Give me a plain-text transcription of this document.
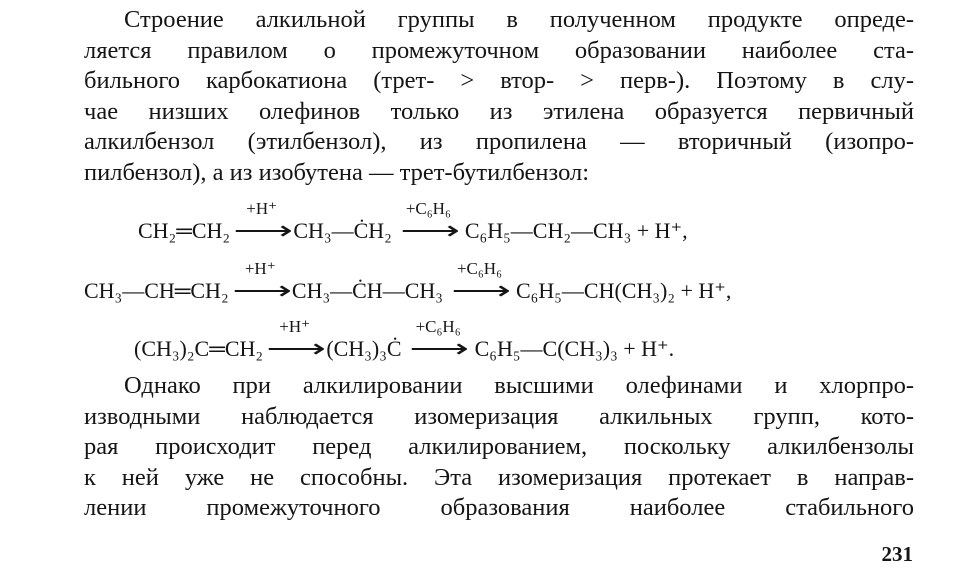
Строение алкильной группы в полученном продукте опреде-
ляется правилом о промежуточном образовании наиболее ста-
бильного карбокатиона (трет- > втор- > перв-). Поэтому в слу-
чае низших олефинов только из этилена образуется первичный
алкилбензол (этилбензол), из пропилена — вторичный (изопро-
пилбензол), а из изобутена — трет-бутилбензол:
CH₂═CH₂
+H⁺
⟶ CH₃—ĊH₂
+C₆H₆
⟶ C₆H₅—CH₂—CH₃ + H⁺,
CH₃—CH═CH₂
+H⁺
⟶ CH₃—ĊH—CH₃
+C₆H₆
⟶ C₆H₅—CH(CH₃)₂ + H⁺,
(CH₃)₂C═CH₂
+H⁺
⟶ (CH₃)₃Ċ
+C₆H₆
⟶ C₆H₅—C(CH₃)₃ + H⁺.
Однако при алкилировании высшими олефинами и хлорпро-
изводными наблюдается изомеризация алкильных групп, кото-
рая происходит перед алкилированием, поскольку алкилбензолы
к ней уже не способны. Эта изомеризация протекает в направ-
лении промежуточного образования наиболее стабильного
231
